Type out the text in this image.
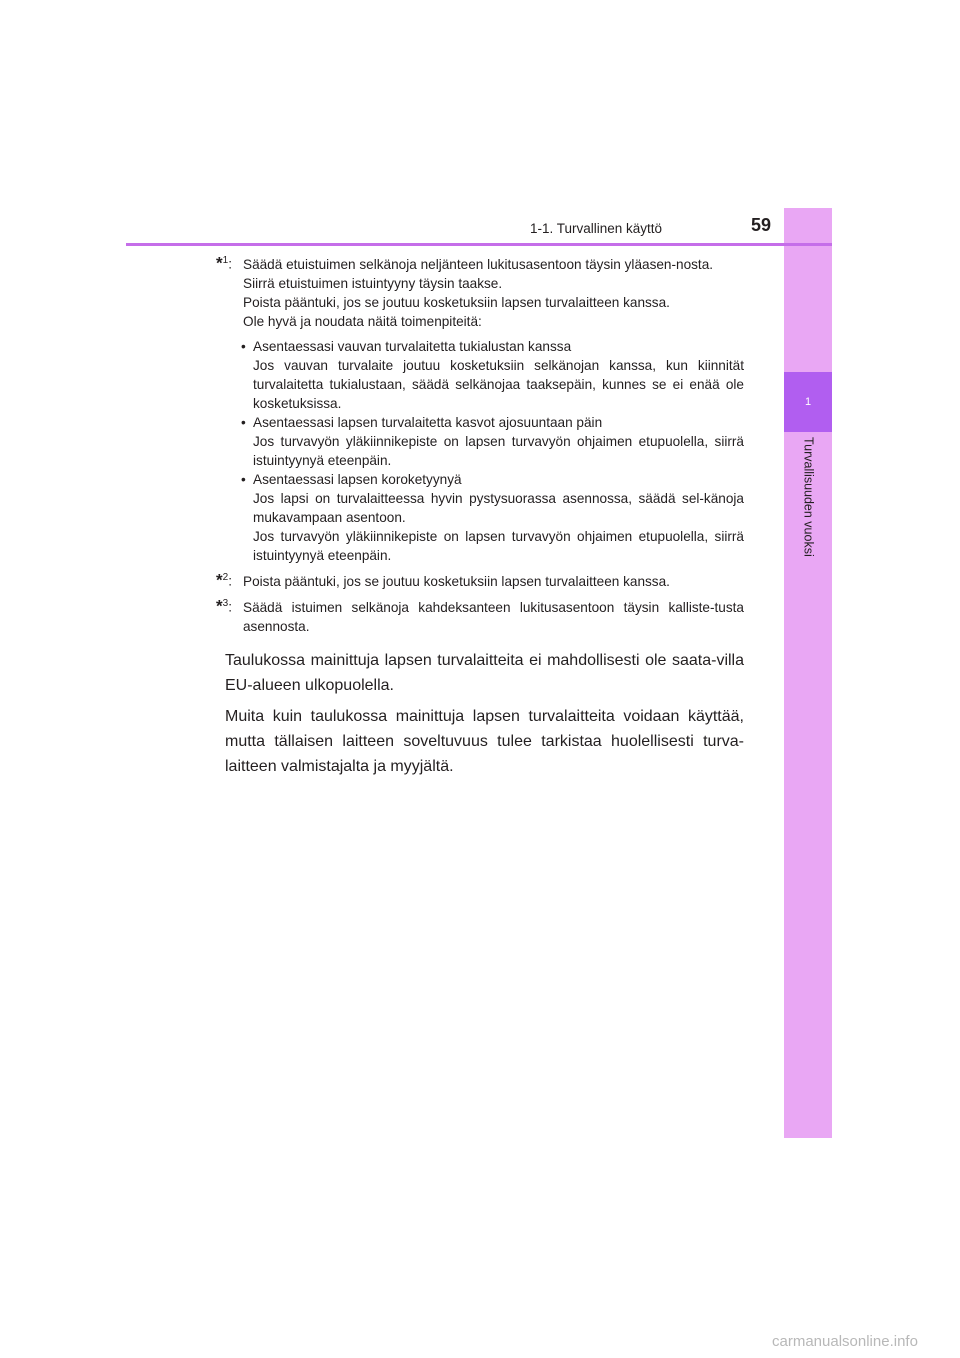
1
Turvallisuuden vuoksi
1-1. Turvallinen käyttö	59
*$^1$: Säädä etuistuimen selkänoja neljänteen lukitusasentoon täysin yläasen-nosta.

Siirrä etuistuimen istuintyyny täysin taakse.

Poista pääntuki, jos se joutuu kosketuksiin lapsen turvalaitteen kanssa.

Ole hyvä ja noudata näitä toimenpiteitä:

• Asentaessasi vauvan turvalaitetta tukialustan kanssa
Jos vauvan turvalaite joutuu kosketuksiin selkänojan kanssa, kun kiinnität turvalaitetta tukialustaan, säädä selkänojaa taaksepäin, kunnes se ei enää ole kosketuksissa.
• Asentaessasi lapsen turvalaitetta kasvot ajosuuntaan päin
Jos turvavyön yläkiinnikepiste on lapsen turvavyön ohjaimen etupuolella, siirrä istuintyynyä eteenpäin.
• Asentaessasi lapsen koroketyynyä
Jos lapsi on turvalaitteessa hyvin pystysuorassa asennossa, säädä sel-känoja mukavampaan asentoon.
Jos turvavyön yläkiinnikepiste on lapsen turvavyön ohjaimen etupuolella, siirrä istuintyynyä eteenpäin.
*$^2$: Poista pääntuki, jos se joutuu kosketuksiin lapsen turvalaitteen kanssa.

*$^3$: Säädä istuimen selkänoja kahdeksanteen lukitusasentoon täysin kalliste-tusta asennosta.

Taulukossa mainittuja lapsen turvalaitteita ei mahdollisesti ole saata-villa EU-alueen ulkopuolella.

Muita kuin taulukossa mainittuja lapsen turvalaitteita voidaan käyttää, mutta tällaisen laitteen soveltuvuus tulee tarkistaa huolellisesti turva-laitteen valmistajalta ja myyjältä.

carmanualsonline.info
